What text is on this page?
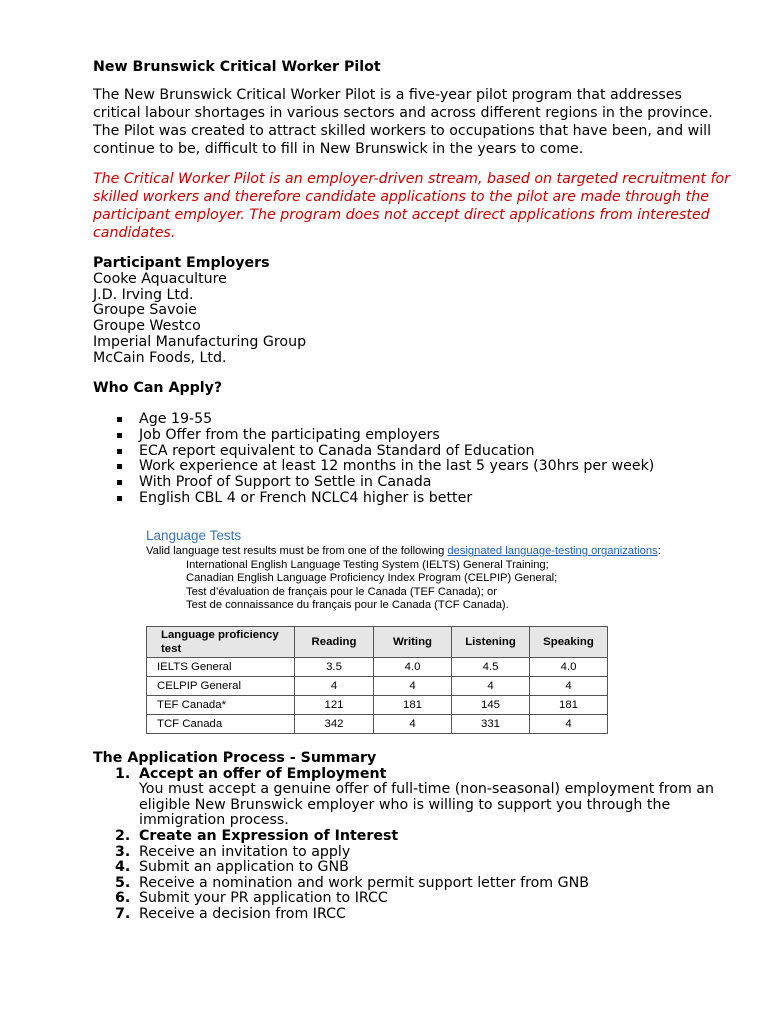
New Brunswick Critical Worker Pilot

The New Brunswick Critical Worker Pilot is a five-year pilot program that addresses critical labour shortages in various sectors and across different regions in the province. The Pilot was created to attract skilled workers to occupations that have been, and will continue to be, difficult to fill in New Brunswick in the years to come.

The Critical Worker Pilot is an employer-driven stream, based on targeted recruitment for skilled workers and therefore candidate applications to the pilot are made through the participant employer. The program does not accept direct applications from interested candidates.

Participant Employers

Cooke Aquaculture
J.D. Irving Ltd.
Groupe Savoie
Groupe Westco
Imperial Manufacturing Group
McCain Foods, Ltd.

Who Can Apply?

Age 19-55
Job Offer from the participating employers
ECA report equivalent to Canada Standard of Education
Work experience at least 12 months in the last 5 years (30hrs per week)
With Proof of Support to Settle in Canada
English CBL 4 or French NCLC4 higher is better

Language Tests

Valid language test results must be from one of the following designated language-testing organizations:

International English Language Testing System (IELTS) General Training;
Canadian English Language Proficiency Index Program (CELPIP) General;
Test d’évaluation de français pour le Canada (TEF Canada); or
Test de connaissance du français pour le Canada (TCF Canada).
Language proficiency test	Reading	Writing	Listening	Speaking
IELTS General	3.5	4.0	4.5	4.0
CELPIP General	4	4	4	4
TEF Canada*	121	181	145	181
TCF Canada	342	4	331	4

The Application Process - Summary

1. Accept an offer of Employment

You must accept a genuine offer of full-time (non-seasonal) employment from an eligible New Brunswick employer who is willing to support you through the immigration process.

2. Create an Expression of Interest
3. Receive an invitation to apply
4. Submit an application to GNB
5. Receive a nomination and work permit support letter from GNB
6. Submit your PR application to IRCC
7. Receive a decision from IRCC
